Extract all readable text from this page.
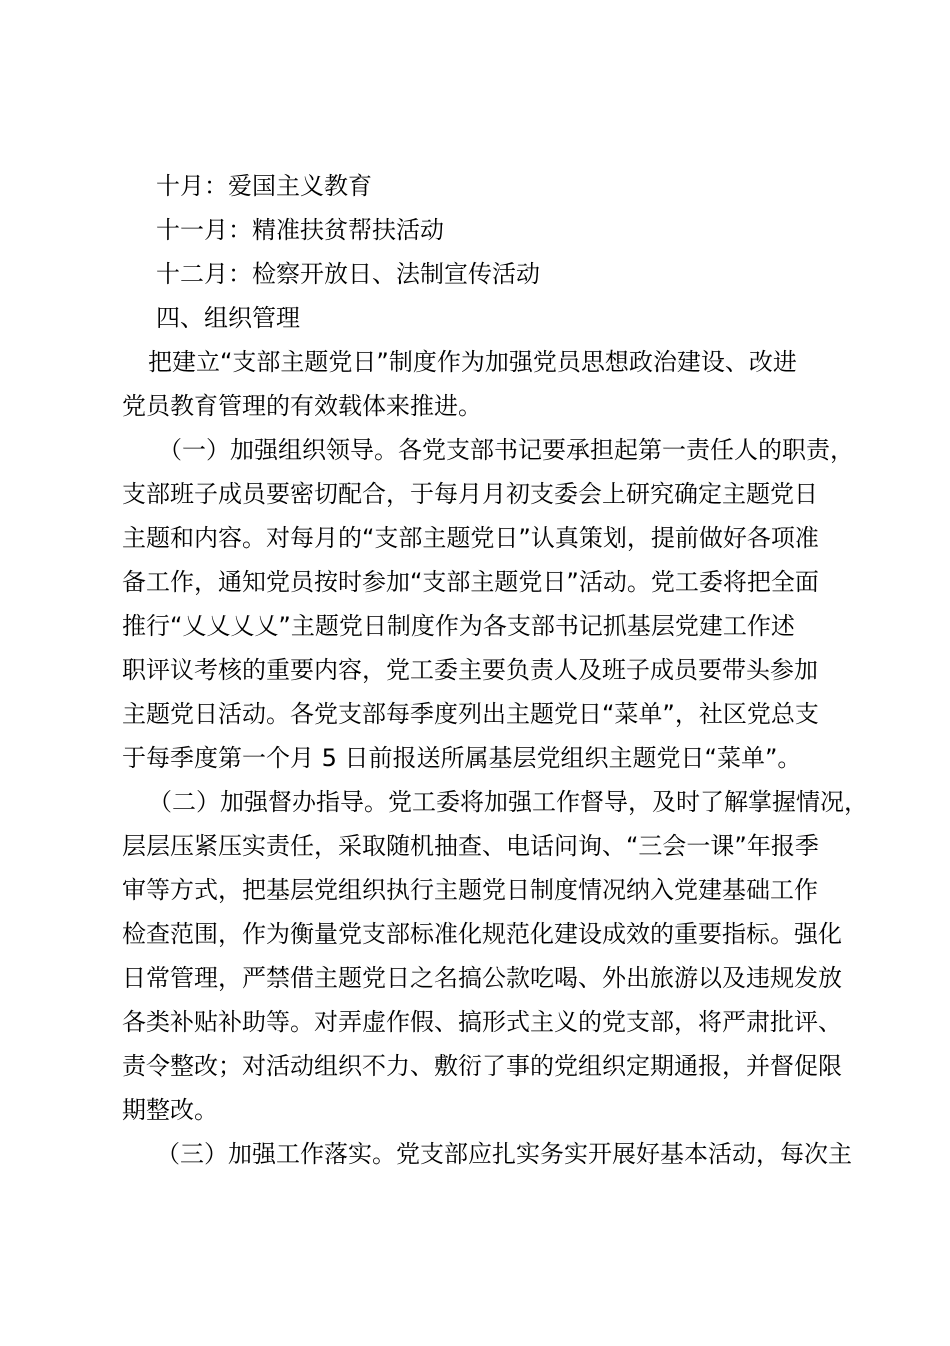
十月：爱国主义教育
十一月：精准扶贫帮扶活动
十二月：检察开放日、法制宣传活动
四、组织管理
把建立“支部主题党日”制度作为加强党员思想政治建设、改进
党员教育管理的有效载体来推进。
（一）加强组织领导。各党支部书记要承担起第一责任人的职责，
支部班子成员要密切配合，于每月月初支委会上研究确定主题党日
主题和内容。对每月的“支部主题党日”认真策划，提前做好各项准
备工作，通知党员按时参加“支部主题党日”活动。党工委将把全面
推行“乂乂乂乂”主题党日制度作为各支部书记抓基层党建工作述
职评议考核的重要内容，党工委主要负责人及班子成员要带头参加
主题党日活动。各党支部每季度列出主题党日“菜单”，社区党总支
于每季度第一个月 5 日前报送所属基层党组织主题党日“菜单”。
（二）加强督办指导。党工委将加强工作督导，及时了解掌握情况，
层层压紧压实责任，采取随机抽查、电话问询、“三会一课”年报季
审等方式，把基层党组织执行主题党日制度情况纳入党建基础工作
检查范围，作为衡量党支部标准化规范化建设成效的重要指标。强化
日常管理，严禁借主题党日之名搞公款吃喝、外出旅游以及违规发放
各类补贴补助等。对弄虚作假、搞形式主义的党支部，将严肃批评、
责令整改；对活动组织不力、敷衍了事的党组织定期通报，并督促限
期整改。
（三）加强工作落实。党支部应扎实务实开展好基本活动，每次主
